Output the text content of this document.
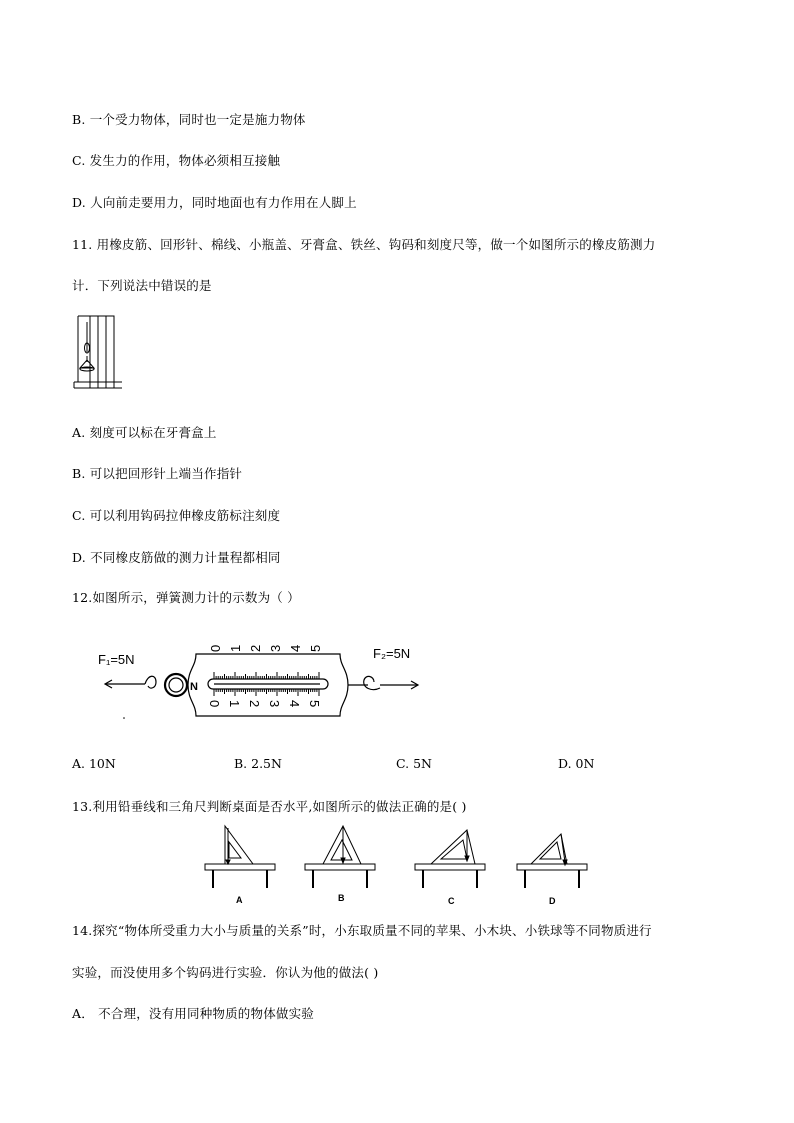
B. 一个受力物体，同时也一定是施力物体
C. 发生力的作用，物体必须相互接触
D. 人向前走要用力，同时地面也有力作用在人脚上
11. 用橡皮筋、回形针、棉线、小瓶盖、牙膏盒、铁丝、钩码和刻度尺等，做一个如图所示的橡皮筋测力
计．下列说法中错误的是
A. 刻度可以标在牙膏盒上
B. 可以把回形针上端当作指针
C. 可以利用钩码拉伸橡皮筋标注刻度
D. 不同橡皮筋做的测力计量程都相同
12.如图所示，弹簧测力计的示数为（ ）
F₁=5N	F₂=5N
N
0 1 2 3 4 5
0 1 2 3 4 5
A. 10N	B. 2.5N	C. 5N	D. 0N
13.利用铅垂线和三角尺判断桌面是否水平,如图所示的做法正确的是( )
A	B	C	D
14.探究“物体所受重力大小与质量的关系”时，小东取质量不同的苹果、小木块、小铁球等不同物质进行
实验，而没使用多个钩码进行实验．你认为他的做法( )
A． 不合理，没有用同种物质的物体做实验
